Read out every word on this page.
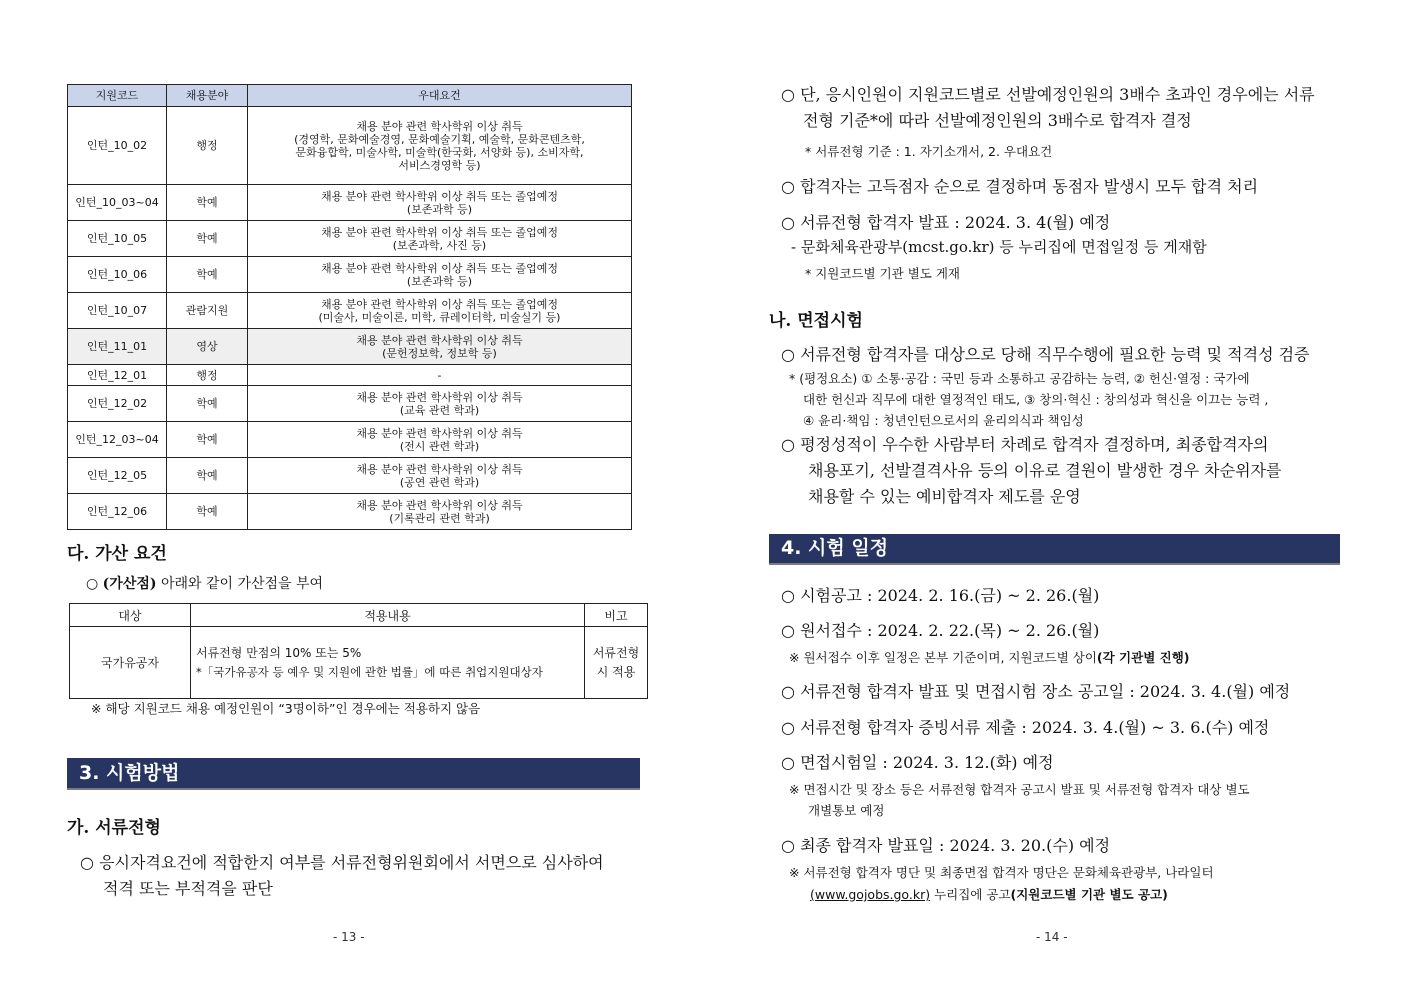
지원코드	채용분야	우대요건
인턴_10_02	행정	채용 분야 관련 학사학위 이상 취득
(경영학, 문화예술경영, 문화예술기획, 예술학, 문화콘텐츠학,
문화융합학, 미술사학, 미술학(한국화, 서양화 등), 소비자학,
서비스경영학 등)

인턴_10_03~04	학예	채용 분야 관련 학사학위 이상 취득 또는 졸업예정
(보존과학 등)

인턴_10_05	학예	채용 분야 관련 학사학위 이상 취득 또는 졸업예정
(보존과학, 사진 등)

인턴_10_06	학예	채용 분야 관련 학사학위 이상 취득 또는 졸업예정
(보존과학 등)

인턴_10_07	관람지원	채용 분야 관련 학사학위 이상 취득 또는 졸업예정
(미술사, 미술이론, 미학, 큐레이터학, 미술실기 등)

인턴_11_01	영상	채용 분야 관련 학사학위 이상 취득
(문헌정보학, 정보학 등)

인턴_12_01	행정	-

인턴_12_02	학예	채용 분야 관련 학사학위 이상 취득
(교육 관련 학과)

인턴_12_03~04	학예	채용 분야 관련 학사학위 이상 취득
(전시 관련 학과)

인턴_12_05	학예	채용 분야 관련 학사학위 이상 취득
(공연 관련 학과)

인턴_12_06	학예	채용 분야 관련 학사학위 이상 취득
(기록관리 관련 학과)
다. 가산 요건
○ (가산점) 아래와 같이 가산점을 부여
대상	적용내용	비고
국가유공자	서류전형 만점의 10% 또는 5%
*「국가유공자 등 예우 및 지원에 관한 법률」에 따른 취업지원대상자	서류전형
시 적용
※ 해당 지원코드 채용 예정인원이 “3명이하”인 경우에는 적용하지 않음
3. 시험방법
가. 서류전형
○ 응시자격요건에 적합한지 여부를 서류전형위원회에서 서면으로 심사하여
적격 또는 부적격을 판단
- 13 -
○ 단, 응시인원이 지원코드별로 선발예정인원의 3배수 초과인 경우에는 서류
전형 기준*에 따라 선발예정인원의 3배수로 합격자 결정
* 서류전형 기준 : 1. 자기소개서, 2. 우대요건
○ 합격자는 고득점자 순으로 결정하며 동점자 발생시 모두 합격 처리
○ 서류전형 합격자 발표 : 2024. 3. 4(월) 예정
- 문화체육관광부(mcst.go.kr) 등 누리집에 면접일정 등 게재함
* 지원코드별 기관 별도 게재
나. 면접시험
○ 서류전형 합격자를 대상으로 당해 직무수행에 필요한 능력 및 적격성 검증
* (평정요소) ① 소통·공감 : 국민 등과 소통하고 공감하는 능력, ② 헌신·열정 : 국가에
대한 헌신과 직무에 대한 열정적인 태도, ③ 창의·혁신 : 창의성과 혁신을 이끄는 능력 ,
④ 윤리·책임 : 청년인턴으로서의 윤리의식과 책임성
○ 평정성적이 우수한 사람부터 차례로 합격자 결정하며, 최종합격자의
채용포기, 선발결격사유 등의 이유로 결원이 발생한 경우 차순위자를
채용할 수 있는 예비합격자 제도를 운영
4. 시험 일정
○ 시험공고 : 2024. 2. 16.(금) ~ 2. 26.(월)
○ 원서접수 : 2024. 2. 22.(목) ~ 2. 26.(월)
※ 원서접수 이후 일정은 본부 기준이며, 지원코드별 상이(각 기관별 진행)
○ 서류전형 합격자 발표 및 면접시험 장소 공고일 : 2024. 3. 4.(월) 예정
○ 서류전형 합격자 증빙서류 제출 : 2024. 3. 4.(월) ~ 3. 6.(수) 예정
○ 면접시험일 : 2024. 3. 12.(화) 예정
※ 면접시간 및 장소 등은 서류전형 합격자 공고시 발표 및 서류전형 합격자 대상 별도
개별통보 예정
○ 최종 합격자 발표일 : 2024. 3. 20.(수) 예정
※ 서류전형 합격자 명단 및 최종면접 합격자 명단은 문화체육관광부, 나라일터
(www.gojobs.go.kr) 누리집에 공고(지원코드별 기관 별도 공고)
- 14 -
